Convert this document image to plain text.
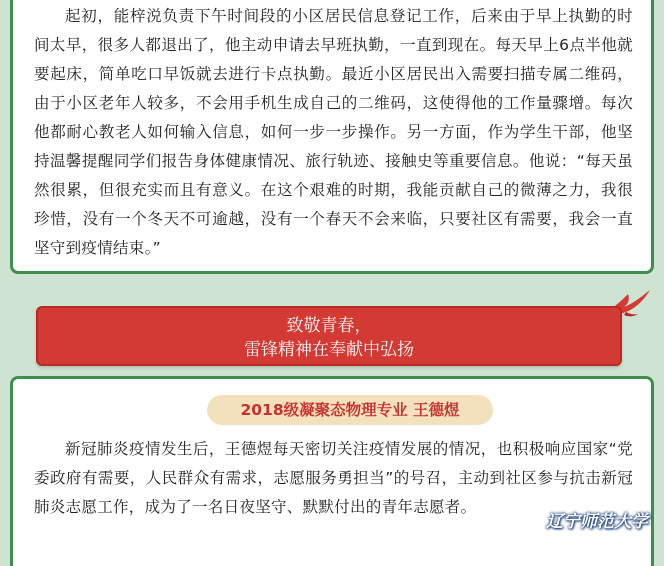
起初，能梓涚负责下午时间段的小区居民信息登记工作，后来由于早上执勤的时间太早，很多人都退出了，他主动申请去早班执勤，一直到现在。每天早上6点半他就要起床，简单吃口早饭就去进行卡点执勤。最近小区居民出入需要扫描专属二维码，由于小区老年人较多，不会用手机生成自己的二维码，这使得他的工作量骤增。每次他都耐心教老人如何输入信息，如何一步一步操作。另一方面，作为学生干部，他坚持温馨提醒同学们报告身体健康情况、旅行轨迹、接触史等重要信息。他说：“每天虽然很累，但很充实而且有意义。在这个艰难的时期，我能贡献自己的微薄之力，我很珍惜，没有一个冬天不可逾越，没有一个春天不会来临，只要社区有需要，我会一直坚守到疫情结束。”

致敬青春，
雷锋精神在奉献中弘扬
2018级凝聚态物理专业 王德煜

新冠肺炎疫情发生后，王德煜每天密切关注疫情发展的情况，也积极响应国家“党委政府有需要，人民群众有需求，志愿服务勇担当”的号召，主动到社区参与抗击新冠肺炎志愿工作，成为了一名日夜坚守、默默付出的青年志愿者。

辽宁师范大学
